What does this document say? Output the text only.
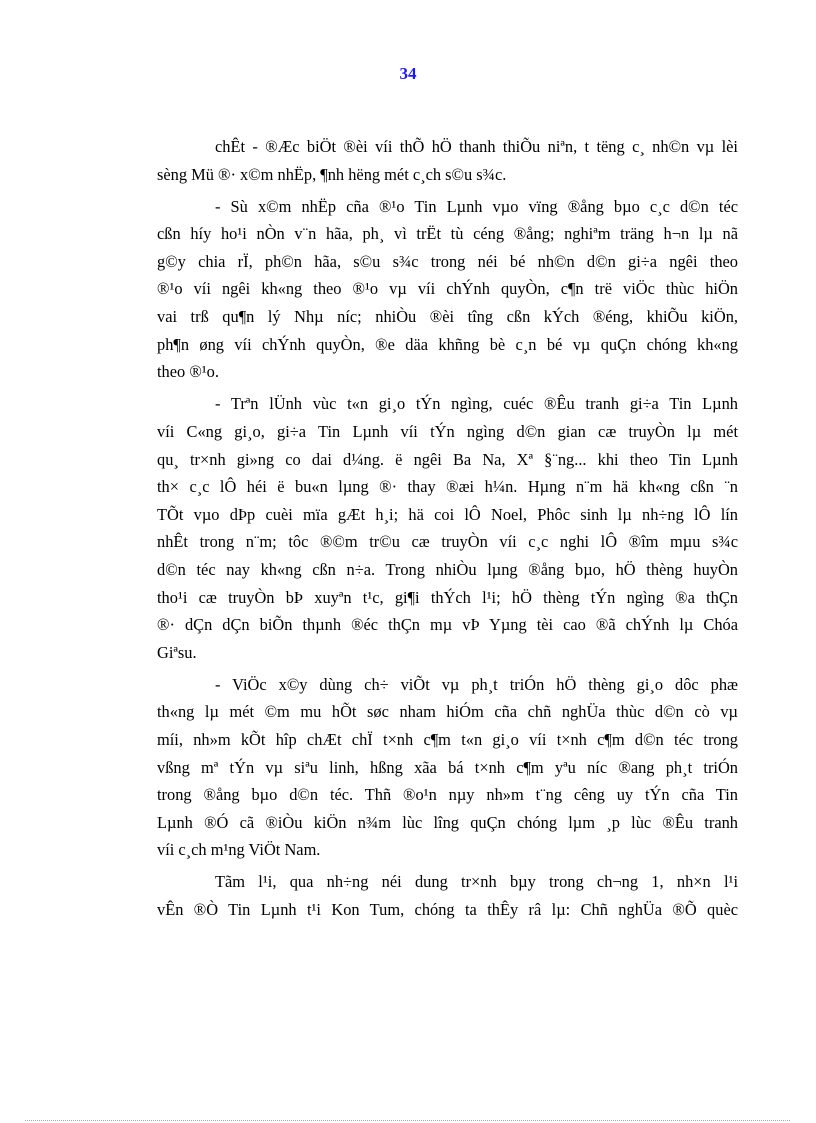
34
chÊt - ®Æc biÖt ®èi víi thÕ hÖ thanh thiÕu niªn, t tëng c¸ nh©n vµ lèi
sèng Mü ®· x©m nhËp, ¶nh hëng mét c¸ch s©u s¾c.
- Sù x©m nhËp cña ®¹o Tin Lµnh vµo vïng ®ång bµo c¸c d©n téc
cßn híy ho¹i nÒn v¨n hãa, ph¸ vì trËt tù céng ®ång; nghiªm träng h¬n lµ nã
g©y chia rÏ, ph©n hãa, s©u s¾c trong néi bé nh©n d©n gi÷a ngêi theo
®¹o víi ngêi kh«ng theo ®¹o vµ víi chÝnh quyÒn, c¶n trë viÖc thùc hiÖn
vai trß qu¶n lý Nhµ níc; nhiÒu ®èi tîng cßn kÝch ®éng, khiÕu kiÖn,
ph¶n øng víi chÝnh quyÒn, ®e däa khñng bè c¸n bé vµ quÇn chóng kh«ng
theo ®¹o.
- Trªn lÜnh vùc t«n gi¸o tÝn ngìng, cuéc ®Êu tranh gi÷a Tin Lµnh
víi C«ng gi¸o, gi÷a Tin Lµnh víi tÝn ngìng d©n gian cæ truyÒn lµ mét
qu¸ tr×nh gi»ng co dai d¼ng. ë ngêi Ba Na, Xª §¨ng... khi theo Tin Lµnh
th× c¸c lÔ héi ë bu«n lµng ®· thay ®æi h¼n. Hµng n¨m hä kh«ng cßn ¨n
TÕt vµo dÞp cuèi mïa gÆt h¸i; hä coi lÔ Noel, Phôc sinh lµ nh÷ng lÔ lín
nhÊt trong n¨m; tôc ®©m tr©u cæ truyÒn víi c¸c nghi lÔ ®îm mµu s¾c
d©n téc nay kh«ng cßn n÷a. Trong nhiÒu lµng ®ång bµo, hÖ thèng huyÒn
tho¹i cæ truyÒn bÞ xuyªn t¹c, gi¶i thÝch l¹i; hÖ thèng tÝn ngìng ®a thÇn
®· dÇn dÇn biÕn thµnh ®éc thÇn mµ vÞ Yµng tèi cao ®ã chÝnh lµ Chóa
Giªsu.
- ViÖc x©y dùng ch÷ viÕt vµ ph¸t triÓn hÖ thèng gi¸o dôc phæ
th«ng lµ mét ©m mu hÕt søc nham hiÓm cña chñ nghÜa thùc d©n cò vµ
míi, nh»m kÕt hîp chÆt chÏ t×nh c¶m t«n gi¸o víi t×nh c¶m d©n téc trong
vßng mª tÝn vµ siªu linh, hßng xãa bá t×nh c¶m yªu níc ®ang ph¸t triÓn
trong ®ång bµo d©n téc. Thñ ®o¹n nµy nh»m t¨ng cêng uy tÝn cña Tin
Lµnh ®Ó cã ®iÒu kiÖn n¾m lùc lîng quÇn chóng lµm ¸p lùc ®Êu tranh
víi c¸ch m¹ng ViÖt Nam.
Tãm l¹i, qua nh÷ng néi dung tr×nh bµy trong ch¬ng 1, nh×n l¹i
vÊn ®Ò Tin Lµnh t¹i Kon Tum, chóng ta thÊy râ lµ: Chñ nghÜa ®Õ quèc
